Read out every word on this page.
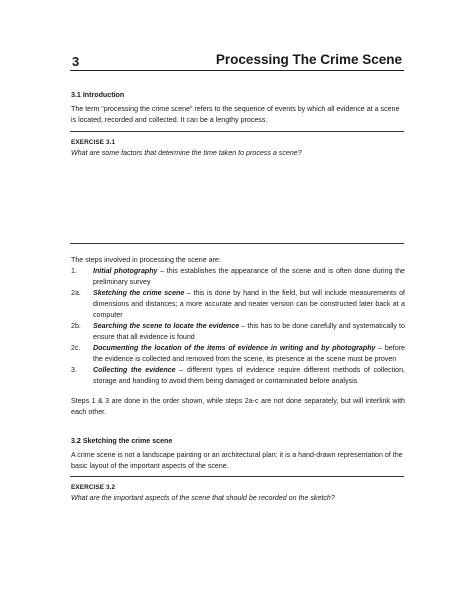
3	Processing The Crime Scene
3.1 Introduction

The term “processing the crime scene” refers to the sequence of events by which all evidence at a scene is located, recorded and collected. It can be a lengthy process.

EXERCISE 3.1

What are some factors that determine the time taken to process a scene?

The steps involved in processing the scene are:

1. Initial photography – this establishes the appearance of the scene and is often done during the preliminary survey
2a. Sketching the crime scene – this is done by hand in the field, but will include measurements of dimensions and distances; a more accurate and neater version can be constructed later back at a computer
2b. Searching the scene to locate the evidence – this has to be done carefully and systematically to ensure that all evidence is found
2c. Documenting the location of the items of evidence in writing and by photography – before the evidence is collected and removed from the scene, its presence at the scene must be proven
3. Collecting the evidence – different types of evidence require different methods of collection, storage and handling to avoid them being damaged or contaminated before analysis

Steps 1 & 3 are done in the order shown, while steps 2a-c are not done separately, but will interlink with each other.

3.2 Sketching the crime scene

A crime scene is not a landscape painting or an architectural plan: it is a hand-drawn representation of the basic layout of the important aspects of the scene.

EXERCISE 3.2

What are the important aspects of the scene that should be recorded on the sketch?
